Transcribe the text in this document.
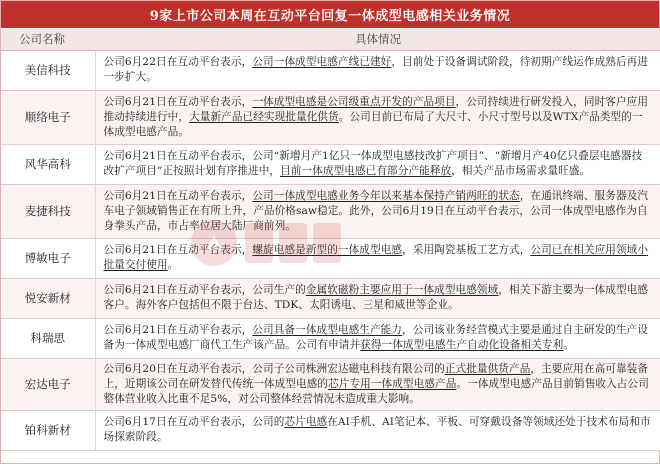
9家上市公司本周在互动平台回复一体成型电感相关业务情况
公司名称	具体情况
美信科技	公司6月22日在互动平台表示，公司一体成型电感产线已建好，目前处于设备调试阶段，待初期产线运作成熟后再进一步扩大。
顺络电子	公司6月21日在互动平台表示，一体成型电感是公司级重点开发的产品项目，公司持续进行研发投入，同时客户应用推动持续进行中，大量新产品已经实现批量化供货。公司目前已布局了大尺寸、小尺寸型号以及WTX产品类型的一体成型电感产品。
风华高科	公司6月21日在互动平台表示，公司“新增月产1亿只一体成型电感技改扩产项目”、“新增月产40亿只叠层电感器技改扩产项目”正按照计划有序推进中，目前一体成型电感已有部分产能释放，相关产品市场需求量旺盛。
麦捷科技	公司6月21日在互动平台表示，公司一体成型电感业务今年以来基本保持产销两旺的状态，在通讯终端、服务器及汽车电子领域销售正在有所上升，产品价格saw稳定。此外，公司6月19日在互动平台表示，公司一体成型电感作为自身拳头产品，市占率位居大陆厂商前列。
博敏电子	公司6月21日在互动平台表示，螺旋电感是新型的一体成型电感，采用陶瓷基板工艺方式，公司已在相关应用领域小批量交付使用。
悦安新材	公司6月21日在互动平台表示，公司生产的金属软磁粉主要应用于一体成型电感领域，相关下游主要为一体成型电感客户。海外客户包括但不限于台达、TDK、太阳诱电、三星和威世等企业。
科瑞思	公司6月21日在互动平台表示，公司具备一体成型电感生产能力，公司该业务经营模式主要是通过自主研发的生产设备为一体成型电感厂商代工生产该产品。公司有申请并获得一体成型电感生产自动化设备相关专利。
宏达电子	公司6月20日在互动平台表示，公司子公司株洲宏达磁电科技有限公司的正式批量供货产品，主要应用在高可靠装备上，近期该公司在研发替代传统一体成型电感的芯片专用一体成型电感产品。一体成型电感产品目前销售收入占公司整体营业收入比重不足5%，对公司整体经营情况未造成重大影响。
铂科新材	公司6月17日在互动平台表示，公司的芯片电感在AI手机、AI笔记本、平板、可穿戴设备等领域还处于技术布局和市场探索阶段。
